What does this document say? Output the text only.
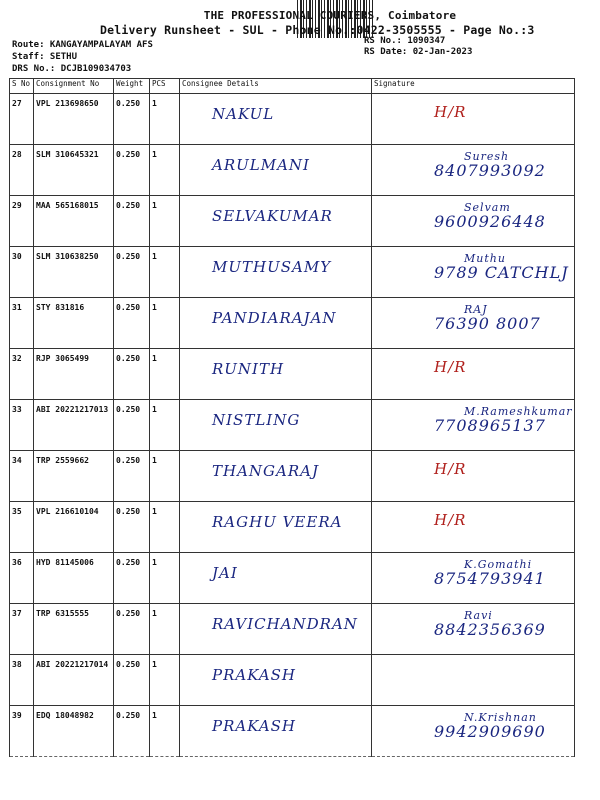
THE PROFESSIONAL COURIERS, Coimbatore
Delivery Runsheet - SUL - Phone No.:0422-3505555 - Page No.:3
Route: KANGAYAMPALAYAM AFS
Staff: SETHU
DRS No.: DCJB109034703
RS No.: 1090347
RS Date: 02-Jan-2023
S No	Consignment No	Weight	PCS	Consignee Details	Signature
27	VPL 213698650	0.250	1	NAKUL	H/R

28	SLM 310645321	0.250	1	ARULMANI	Suresh
8407993092

29	MAA 565168015	0.250	1	SELVAKUMAR	Selvam
9600926448

30	SLM 310638250	0.250	1	MUTHUSAMY	Muthu
9789 CATCHLJ

31	STY 831816	0.250	1	PANDIARAJAN	RAJ
76390 8007

32	RJP 3065499	0.250	1	RUNITH	H/R

33	ABI 20221217013	0.250	1	NISTLING	M.Rameshkumar
7708965137

34	TRP 2559662	0.250	1	THANGARAJ	H/R

35	VPL 216610104	0.250	1	RAGHU VEERA	H/R

36	HYD 81145006	0.250	1	JAI	K.Gomathi
8754793941

37	TRP 6315555	0.250	1	RAVICHANDRAN	Ravi
8842356369

38	ABI 20221217014	0.250	1	PRAKASH	

39	EDQ 18048982	0.250	1	PRAKASH	N.Krishnan
9942909690
